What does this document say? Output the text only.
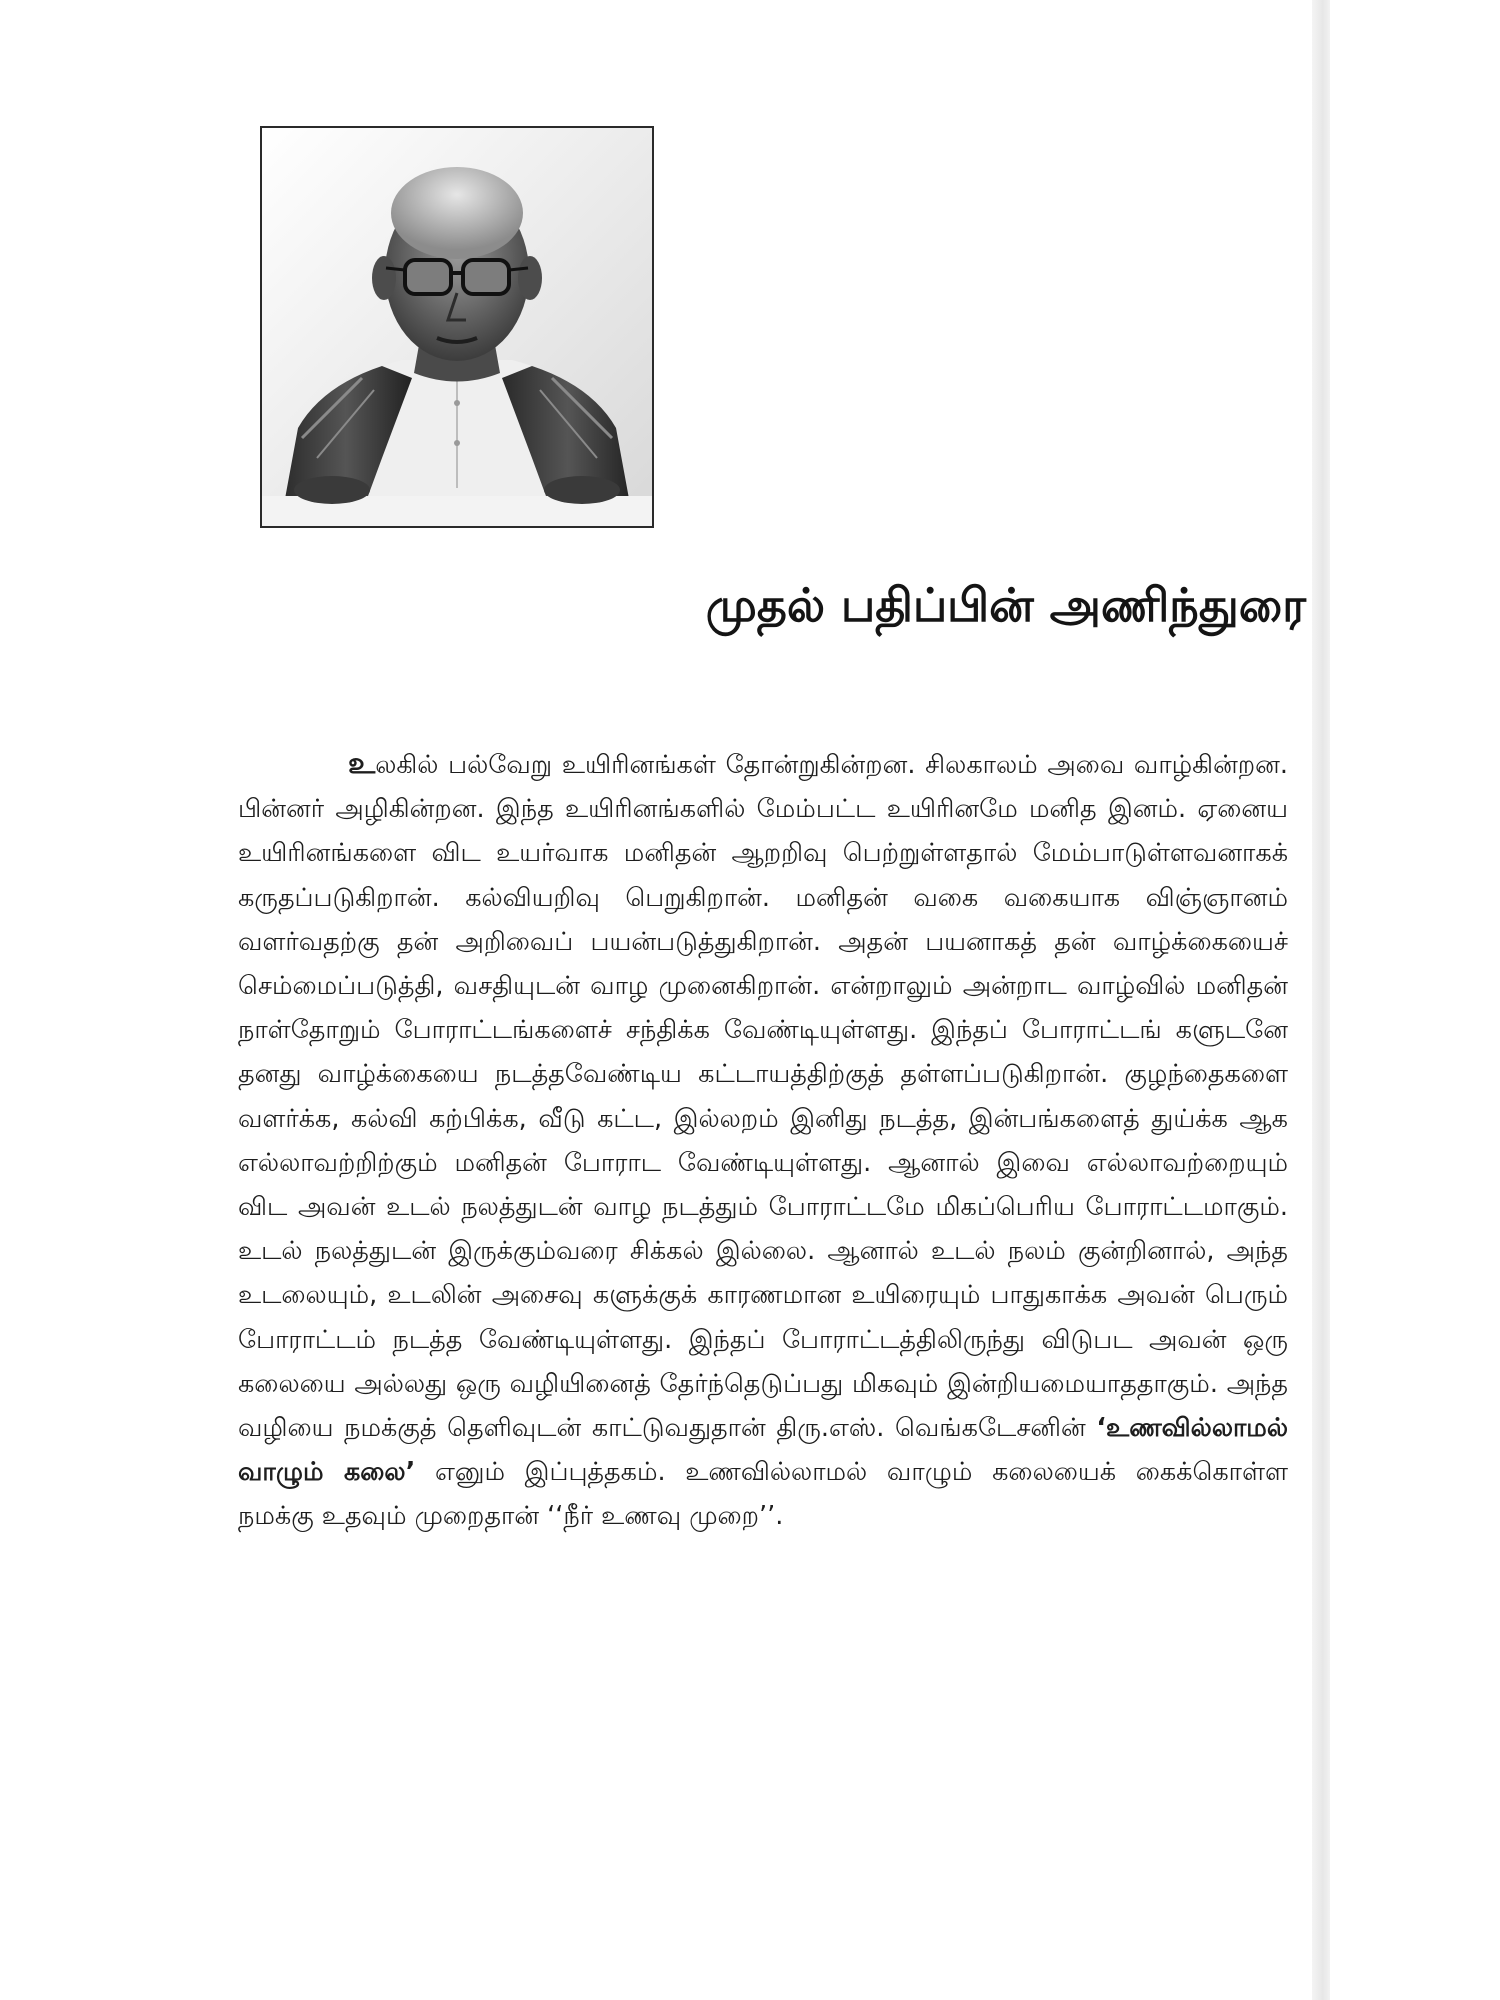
முதல் பதிப்பின் அணிந்துரை

உலகில் பல்வேறு உயிரினங்கள் தோன்றுகின்றன. சிலகாலம் அவை வாழ்கின்றன. பின்னர் அழிகின்றன. இந்த உயிரினங்களில் மேம்பட்ட உயிரினமே மனித இனம். ஏனைய உயிரினங்களை விட உயர்வாக மனிதன் ஆறறிவு பெற்றுள்ளதால் மேம்பாடுள்ளவனாகக் கருதப்படுகிறான். கல்வியறிவு பெறுகிறான். மனிதன் வகை வகையாக விஞ்ஞானம் வளர்வதற்கு தன் அறிவைப் பயன்படுத்துகிறான். அதன் பயனாகத் தன் வாழ்க்கையைச் செம்மைப்படுத்தி, வசதியுடன் வாழ முனைகிறான். என்றாலும் அன்றாட வாழ்வில் மனிதன் நாள்தோறும் போராட்டங்களைச் சந்திக்க வேண்டியுள்ளது. இந்தப் போராட்டங் களுடனே தனது வாழ்க்கையை நடத்தவேண்டிய கட்டாயத்திற்குத் தள்ளப்படுகிறான். குழந்தைகளை வளர்க்க, கல்வி கற்பிக்க, வீடு கட்ட, இல்லறம் இனிது நடத்த, இன்பங்களைத் துய்க்க ஆக எல்லாவற்றிற்கும் மனிதன் போராட வேண்டியுள்ளது. ஆனால் இவை எல்லாவற்றையும் விட அவன் உடல் நலத்துடன் வாழ நடத்தும் போராட்டமே மிகப்பெரிய போராட்டமாகும். உடல் நலத்துடன் இருக்கும்வரை சிக்கல் இல்லை. ஆனால் உடல் நலம் குன்றினால், அந்த உடலையும், உடலின் அசைவு களுக்குக் காரணமான உயிரையும் பாதுகாக்க அவன் பெரும் போராட்டம் நடத்த வேண்டியுள்ளது. இந்தப் போராட்டத்திலிருந்து விடுபட அவன் ஒரு கலையை அல்லது ஒரு வழியினைத் தேர்ந்தெடுப்பது மிகவும் இன்றியமையாததாகும். அந்த வழியை நமக்குத் தெளிவுடன் காட்டுவதுதான் திரு.எஸ். வெங்கடேசனின் ‘உணவில்லாமல் வாழும் கலை’ எனும் இப்புத்தகம். உணவில்லாமல் வாழும் கலையைக் கைக்கொள்ள நமக்கு உதவும் முறைதான் ‘‘நீர் உணவு முறை’’.
